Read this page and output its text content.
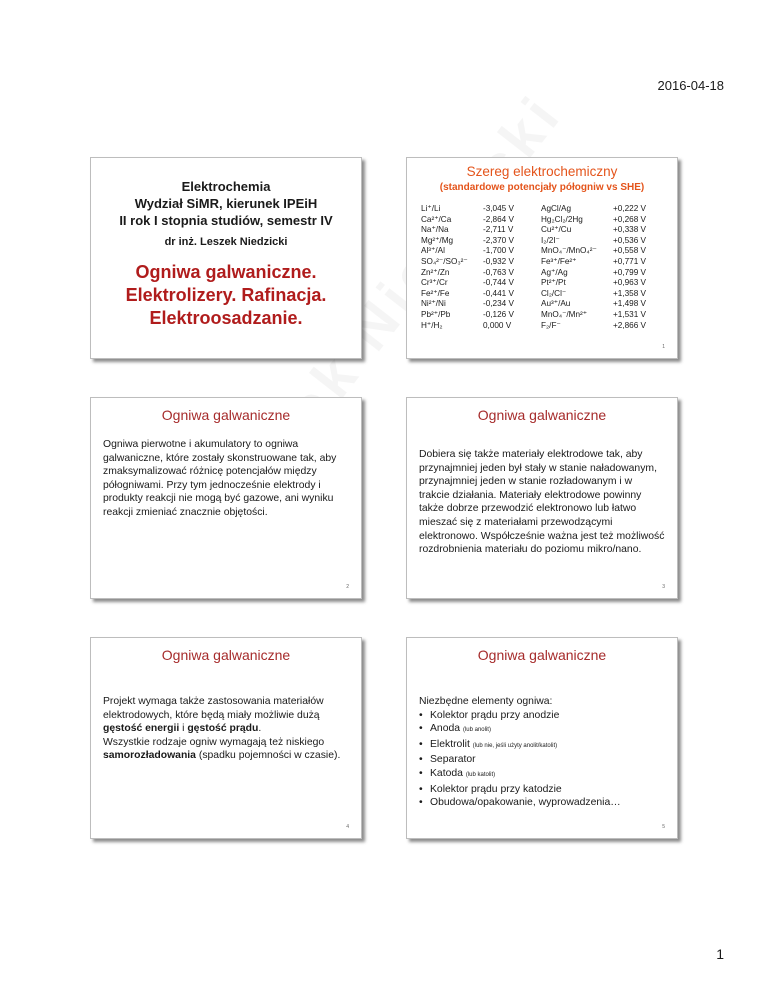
2016-04-18
Elektrochemia
Wydział SiMR, kierunek IPEiH
II rok I stopnia studiów, semestr IV
dr inż. Leszek Niedzicki
Ogniwa galwaniczne.
Elektrolizery. Rafinacja.
Elektroosadzanie.
Szereg elektrochemiczny
(standardowe potencjały półogniw vs SHE)
Li⁺/Li	-3,045 V	AgCl/Ag	+0,222 V
Ca²⁺/Ca	-2,864 V	Hg₂Cl₂/2Hg	+0,268 V
Na⁺/Na	-2,711 V	Cu²⁺/Cu	+0,338 V
Mg²⁺/Mg	-2,370 V	I₂/2I⁻	+0,536 V
Al³⁺/Al	-1,700 V	MnO₄⁻/MnO₄²⁻	+0,558 V
SO₄²⁻/SO₃²⁻	-0,932 V	Fe³⁺/Fe²⁺	+0,771 V
Zn²⁺/Zn	-0,763 V	Ag⁺/Ag	+0,799 V
Cr³⁺/Cr	-0,744 V	Pt²⁺/Pt	+0,963 V
Fe²⁺/Fe	-0,441 V	Cl₂/Cl⁻	+1,358 V
Ni²⁺/Ni	-0,234 V	Au³⁺/Au	+1,498 V
Pb²⁺/Pb	-0,126 V	MnO₄⁻/Mn²⁺	+1,531 V
H⁺/H₂	0,000 V	F₂/F⁻	+2,866 V
1
Ogniwa galwaniczne
Ogniwa pierwotne i akumulatory to ogniwa galwaniczne, które zostały skonstruowane tak, aby zmaksymalizować różnicę potencjałów między półogniwami. Przy tym jednocześnie elektrody i produkty reakcji nie mogą być gazowe, ani wyniku reakcji zmieniać znacznie objętości.
2
Ogniwa galwaniczne
Dobiera się także materiały elektrodowe tak, aby przynajmniej jeden był stały w stanie naładowanym, przynajmniej jeden w stanie rozładowanym i w trakcie działania. Materiały elektrodowe powinny także dobrze przewodzić elektronowo lub łatwo mieszać się z materiałami przewodzącymi elektronowo. Współcześnie ważna jest też możliwość rozdrobnienia materiału do poziomu mikro/nano.
3
Ogniwa galwaniczne

Projekt wymaga także zastosowania materiałów elektrodowych, które będą miały możliwie dużą gęstość energii i gęstość prądu.

Wszystkie rodzaje ogniw wymagają też niskiego samorozładowania (spadku pojemności w czasie).

4
Ogniwa galwaniczne
Niezbędne elementy ogniwa:
• Kolektor prądu przy anodzie
• Anoda (lub anolit)
• Elektrolit (lub nie, jeśli użyty anolit/katolit)
• Separator
• Katoda (lub katolit)
• Kolektor prądu przy katodzie
• Obudowa/opakowanie, wyprowadzenia…
5
1
